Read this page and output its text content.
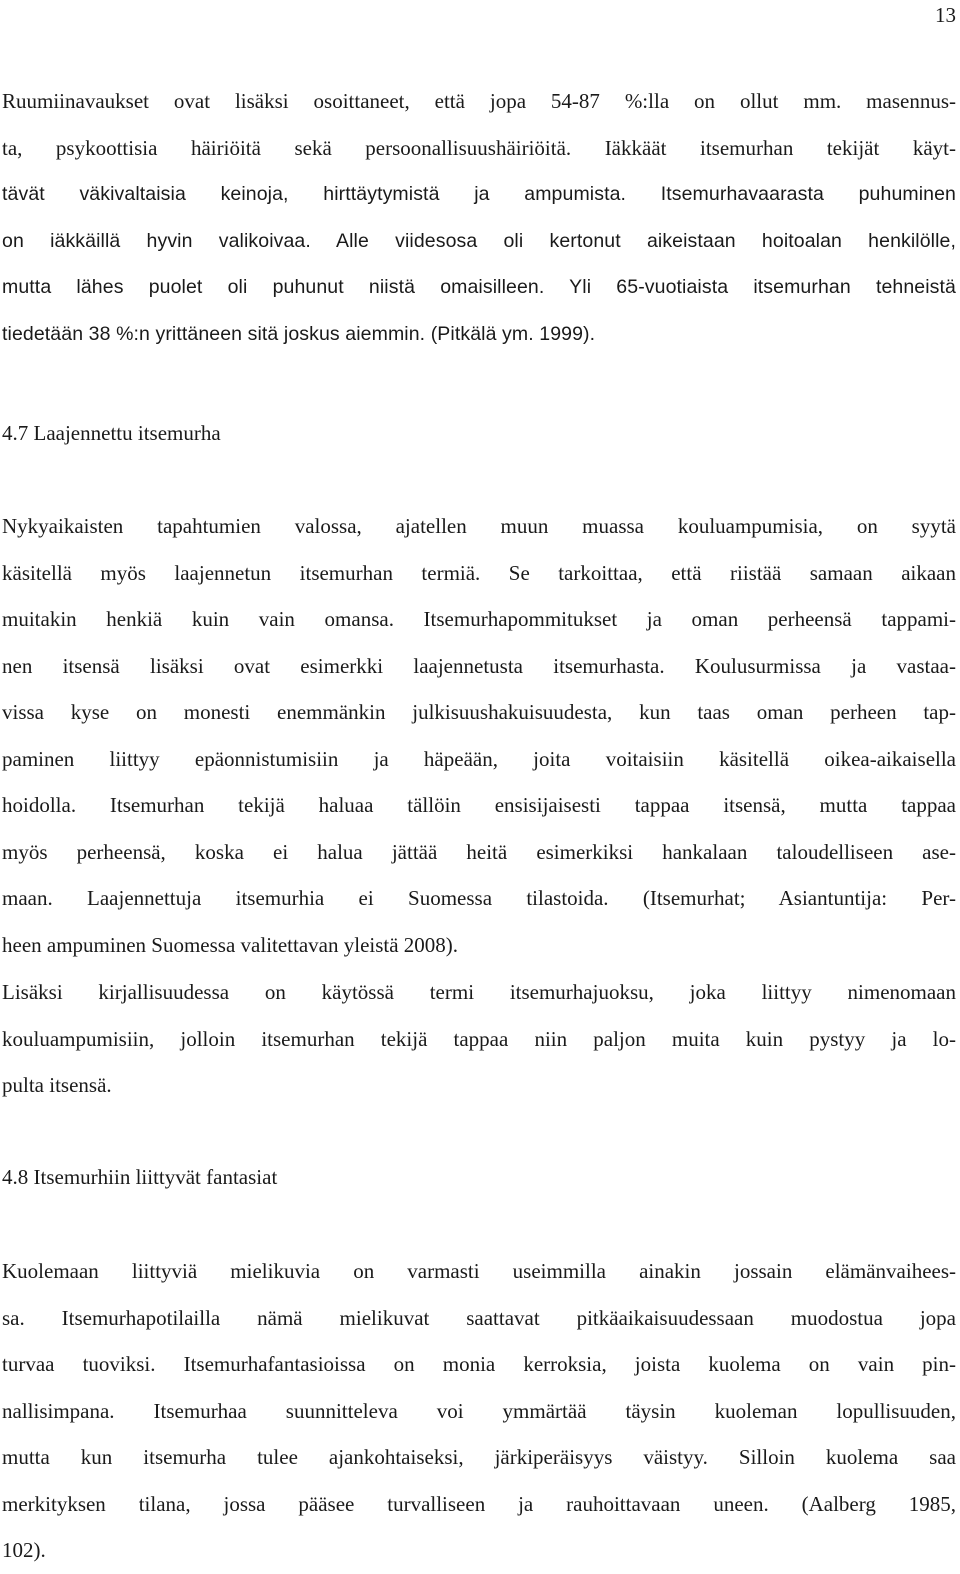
13
Ruumiinavaukset ovat lisäksi osoittaneet, että jopa 54-87 %:lla on ollut mm. masennus-
ta, psykoottisia häiriöitä sekä persoonallisuushäiriöitä. Iäkkäät itsemurhan tekijät käyt-
tävät väkivaltaisia keinoja, hirttäytymistä ja ampumista. Itsemurhavaarasta puhuminen
on iäkkäillä hyvin valikoivaa. Alle viidesosa oli kertonut aikeistaan hoitoalan henkilölle,
mutta lähes puolet oli puhunut niistä omaisilleen. Yli 65-vuotiaista itsemurhan tehneistä
tiedetään 38 %:n yrittäneen sitä joskus aiemmin. (Pitkälä ym. 1999).
4.7 Laajennettu itsemurha
Nykyaikaisten tapahtumien valossa, ajatellen muun muassa kouluampumisia, on syytä
käsitellä myös laajennetun itsemurhan termiä. Se tarkoittaa, että riistää samaan aikaan
muitakin henkiä kuin vain omansa. Itsemurhapommitukset ja oman perheensä tappami-
nen itsensä lisäksi ovat esimerkki laajennetusta itsemurhasta. Koulusurmissa ja vastaa-
vissa kyse on monesti enemmänkin julkisuushakuisuudesta, kun taas oman perheen tap-
paminen liittyy epäonnistumisiin ja häpeään, joita voitaisiin käsitellä oikea-aikaisella
hoidolla. Itsemurhan tekijä haluaa tällöin ensisijaisesti tappaa itsensä, mutta tappaa
myös perheensä, koska ei halua jättää heitä esimerkiksi hankalaan taloudelliseen ase-
maan. Laajennettuja itsemurhia ei Suomessa tilastoida. (Itsemurhat; Asiantuntija: Per-
heen ampuminen Suomessa valitettavan yleistä 2008).
Lisäksi kirjallisuudessa on käytössä termi itsemurhajuoksu, joka liittyy nimenomaan
kouluampumisiin, jolloin itsemurhan tekijä tappaa niin paljon muita kuin pystyy ja lo-
pulta itsensä.
4.8 Itsemurhiin liittyvät fantasiat
Kuolemaan liittyviä mielikuvia on varmasti useimmilla ainakin jossain elämänvaihees-
sa. Itsemurhapotilailla nämä mielikuvat saattavat pitkäaikaisuudessaan muodostua jopa
turvaa tuoviksi. Itsemurhafantasioissa on monia kerroksia, joista kuolema on vain pin-
nallisimpana. Itsemurhaa suunnitteleva voi ymmärtää täysin kuoleman lopullisuuden,
mutta kun itsemurha tulee ajankohtaiseksi, järkiperäisyys väistyy. Silloin kuolema saa
merkityksen tilana, jossa pääsee turvalliseen ja rauhoittavaan uneen. (Aalberg 1985,
102).
